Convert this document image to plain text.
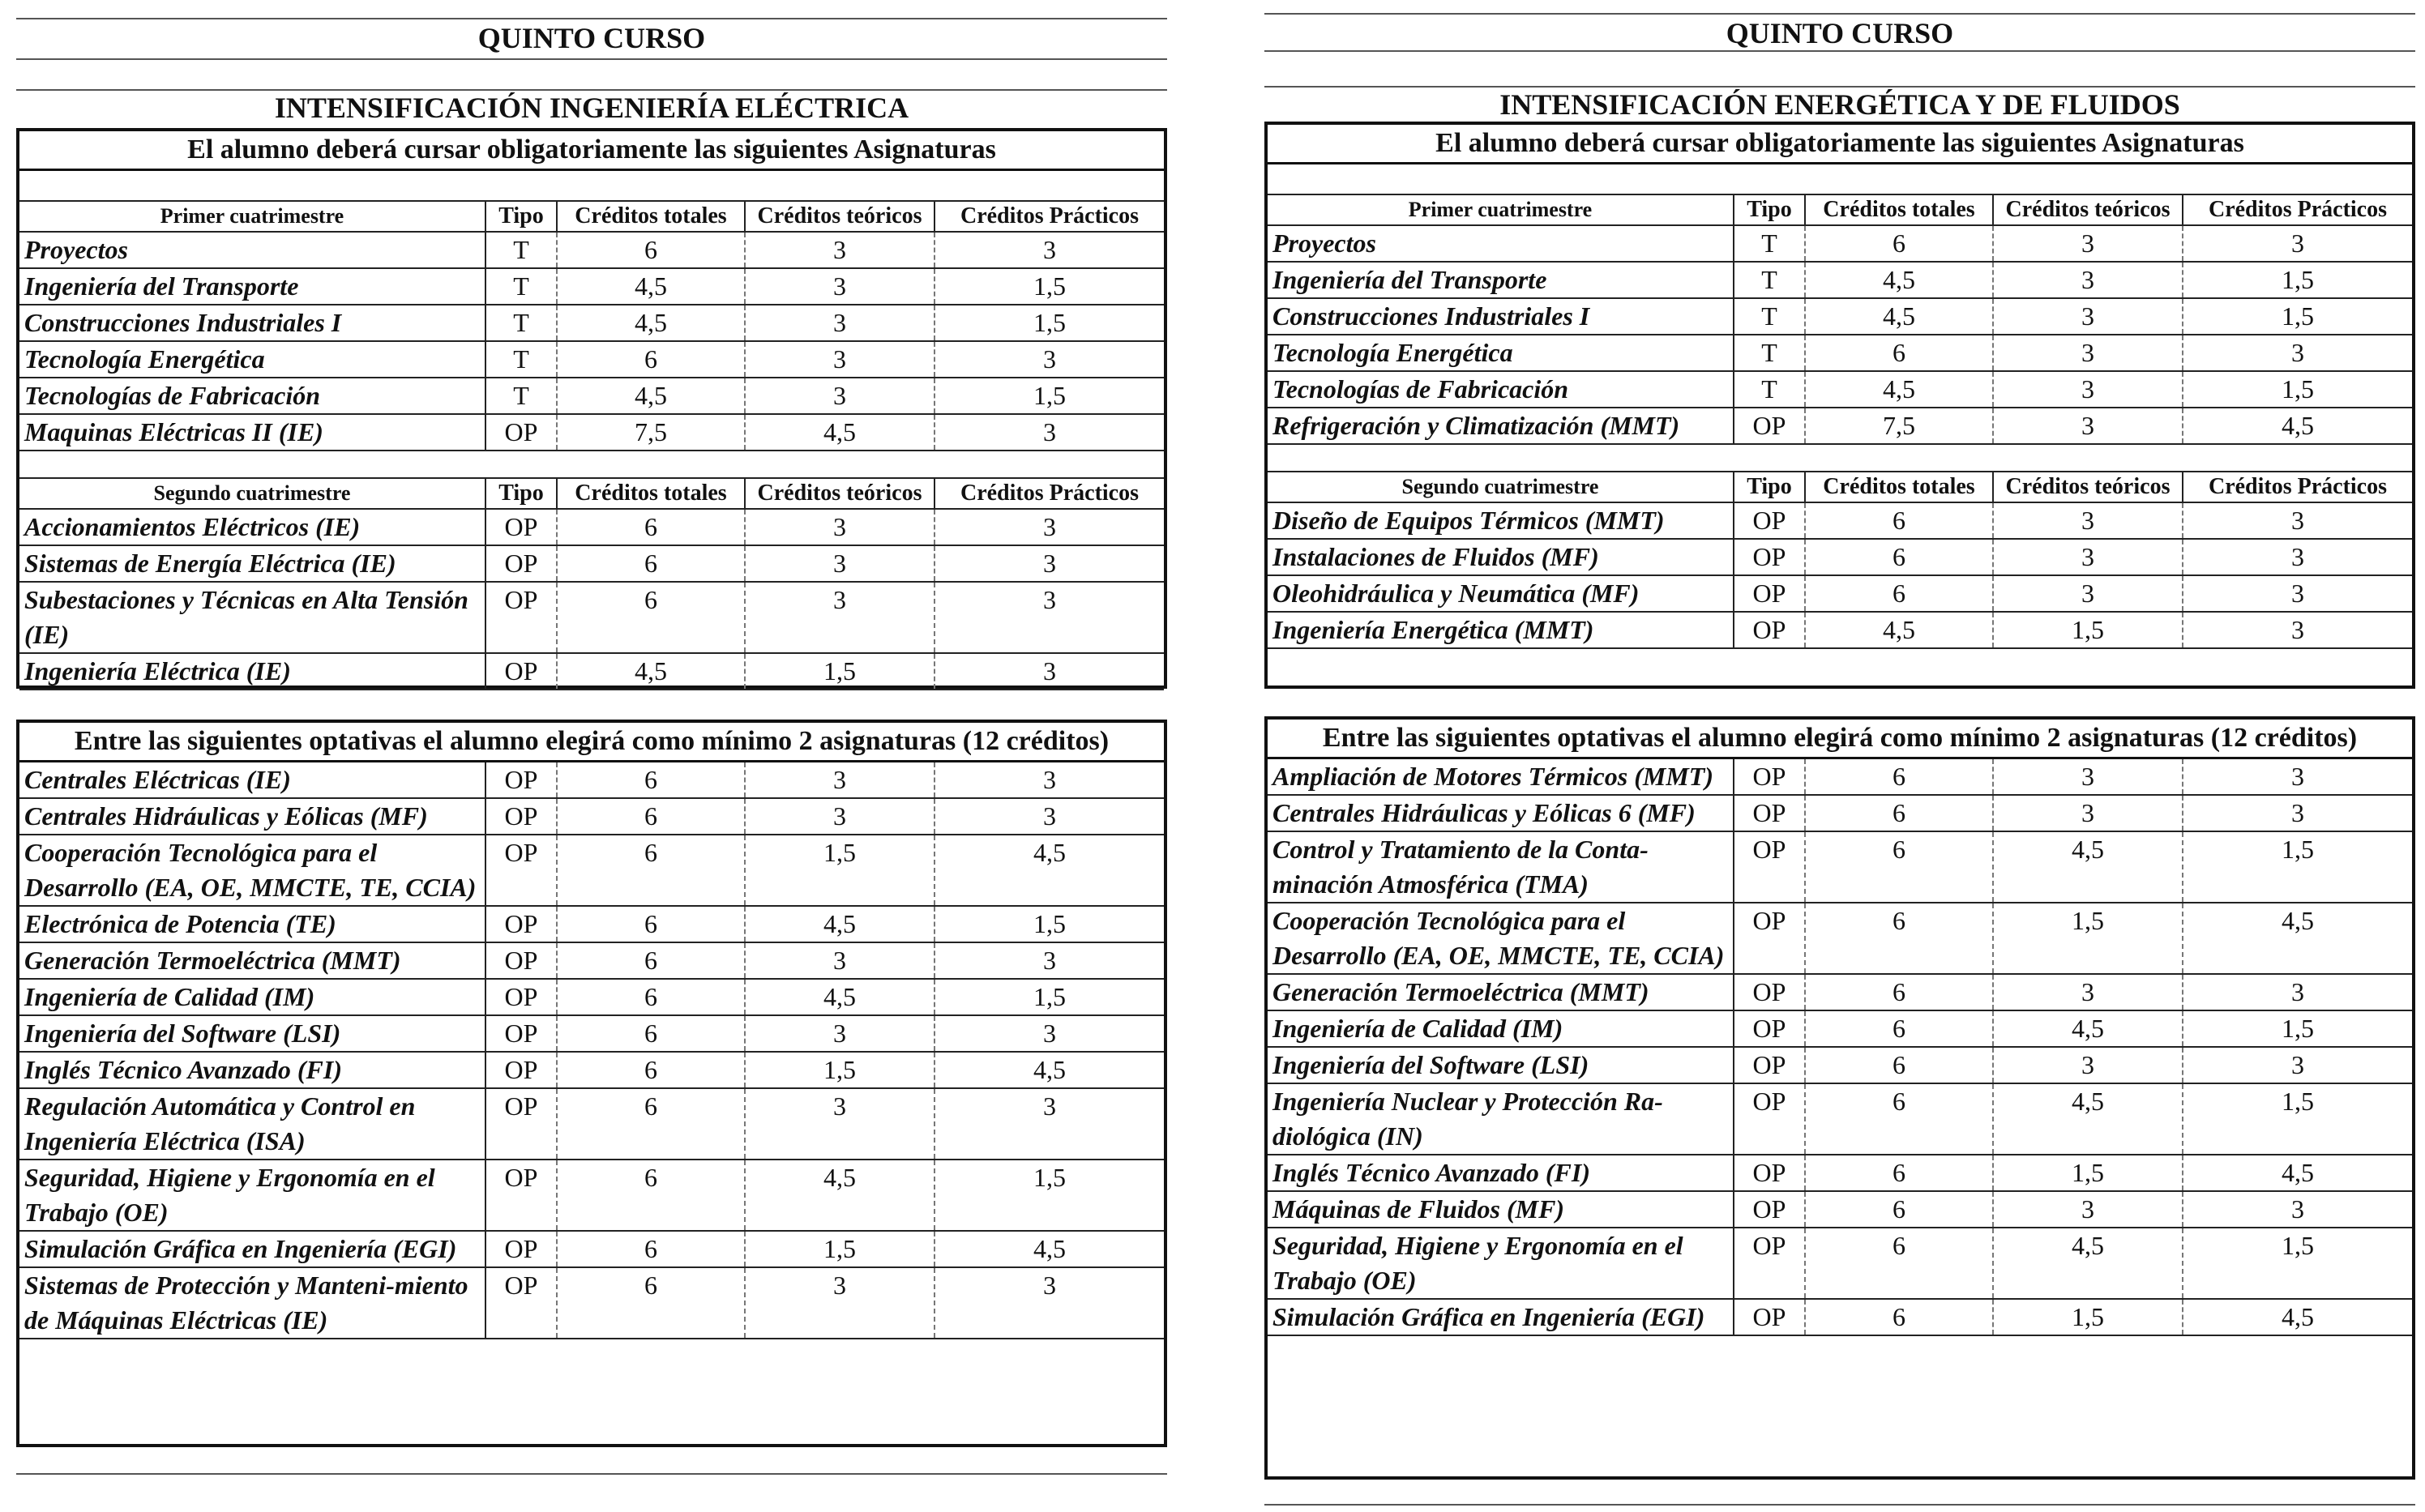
QUINTO CURSO
INTENSIFICACIÓN INGENIERÍA ELÉCTRICA
El alumno deberá cursar obligatoriamente las siguientes Asignaturas
Primer cuatrimestre	Tipo	Créditos totales	Créditos teóricos	Créditos Prácticos
Proyectos	T	6	3	3
Ingeniería del Transporte	T	4,5	3	1,5
Construcciones Industriales I	T	4,5	3	1,5
Tecnología Energética	T	6	3	3
Tecnologías de Fabricación	T	4,5	3	1,5
Maquinas Eléctricas II (IE)	OP	7,5	4,5	3
Segundo cuatrimestre	Tipo	Créditos totales	Créditos teóricos	Créditos Prácticos
Accionamientos Eléctricos (IE)	OP	6	3	3
Sistemas de Energía Eléctrica (IE)	OP	6	3	3
Subestaciones y Técnicas en Alta Tensión (IE)	OP	6	3	3
Ingeniería Eléctrica (IE)	OP	4,5	1,5	3
Entre las siguientes optativas el alumno elegirá como mínimo 2 asignaturas (12 créditos)
Centrales Eléctricas (IE)	OP	6	3	3
Centrales Hidráulicas y Eólicas (MF)	OP	6	3	3
Cooperación Tecnológica para el Desarrollo (EA, OE, MMCTE, TE, CCIA)	OP	6	1,5	4,5
Electrónica de Potencia (TE)	OP	6	4,5	1,5
Generación Termoeléctrica (MMT)	OP	6	3	3
Ingeniería de Calidad (IM)	OP	6	4,5	1,5
Ingeniería del Software (LSI)	OP	6	3	3
Inglés Técnico Avanzado (FI)	OP	6	1,5	4,5
Regulación Automática y Control en Ingeniería Eléctrica (ISA)	OP	6	3	3
Seguridad, Higiene y Ergonomía en el Trabajo (OE)	OP	6	4,5	1,5
Simulación Gráfica en Ingeniería (EGI)	OP	6	1,5	4,5
Sistemas de Protección y Manteni-miento de Máquinas Eléctricas (IE)	OP	6	3	3
QUINTO CURSO
INTENSIFICACIÓN ENERGÉTICA Y DE FLUIDOS
El alumno deberá cursar obligatoriamente las siguientes Asignaturas
Primer cuatrimestre	Tipo	Créditos totales	Créditos teóricos	Créditos Prácticos
Proyectos	T	6	3	3
Ingeniería del Transporte	T	4,5	3	1,5
Construcciones Industriales I	T	4,5	3	1,5
Tecnología Energética	T	6	3	3
Tecnologías de Fabricación	T	4,5	3	1,5
Refrigeración y Climatización (MMT)	OP	7,5	3	4,5
Segundo cuatrimestre	Tipo	Créditos totales	Créditos teóricos	Créditos Prácticos
Diseño de Equipos Térmicos (MMT)	OP	6	3	3
Instalaciones de Fluidos (MF)	OP	6	3	3
Oleohidráulica y Neumática (MF)	OP	6	3	3
Ingeniería Energética (MMT)	OP	4,5	1,5	3
Entre las siguientes optativas el alumno elegirá como mínimo 2 asignaturas (12 créditos)
Ampliación de Motores Térmicos (MMT)	OP	6	3	3
Centrales Hidráulicas y Eólicas 6 (MF)	OP	6	3	3
Control y Tratamiento de la Conta-minación Atmosférica (TMA)	OP	6	4,5	1,5
Cooperación Tecnológica para el Desarrollo (EA, OE, MMCTE, TE, CCIA)	OP	6	1,5	4,5
Generación Termoeléctrica (MMT)	OP	6	3	3
Ingeniería de Calidad (IM)	OP	6	4,5	1,5
Ingeniería del Software (LSI)	OP	6	3	3
Ingeniería Nuclear y Protección Ra-diológica (IN)	OP	6	4,5	1,5
Inglés Técnico Avanzado (FI)	OP	6	1,5	4,5
Máquinas de Fluidos (MF)	OP	6	3	3
Seguridad, Higiene y Ergonomía en el Trabajo (OE)	OP	6	4,5	1,5
Simulación Gráfica en Ingeniería (EGI)	OP	6	1,5	4,5
